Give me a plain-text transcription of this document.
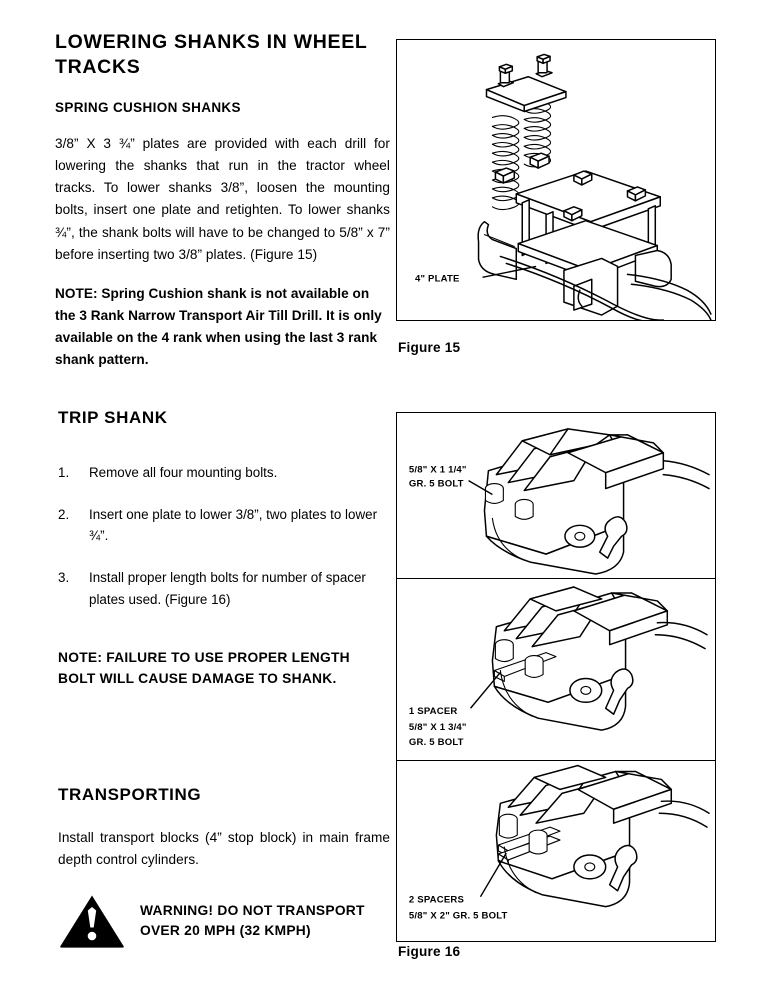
LOWERING SHANKS IN WHEEL TRACKS
SPRING CUSHION SHANKS

3/8” X 3 ¾” plates are provided with each drill for lowering the shanks that run in the tractor wheel tracks. To lower shanks 3/8”, loosen the mounting bolts, insert one plate and retighten. To lower shanks ¾”, the shank bolts will have to be changed to 5/8” x 7” before inserting two 3/8” plates. (Figure 15)

NOTE: Spring Cushion shank is not available on the 3 Rank Narrow Transport Air Till Drill. It is only available on the 4 rank when using the last 3 rank shank pattern.

TRIP SHANK
1.	Remove all four mounting bolts.
2.	Insert one plate to lower 3/8”, two plates to lower ¾”.
3.	Install proper length bolts for number of spacer plates used. (Figure 16)

NOTE: FAILURE TO USE PROPER LENGTH BOLT WILL CAUSE DAMAGE TO SHANK.

TRANSPORTING

Install transport blocks (4” stop block) in main frame depth control cylinders.

WARNING! DO NOT TRANSPORT
OVER 20 MPH (32 KMPH)
4" PLATE
Figure 15
5/8" X 1 1/4"
GR. 5 BOLT
1 SPACER
5/8" X 1 3/4"
GR. 5 BOLT
2 SPACERS
5/8" X 2" GR. 5 BOLT
Figure 16
